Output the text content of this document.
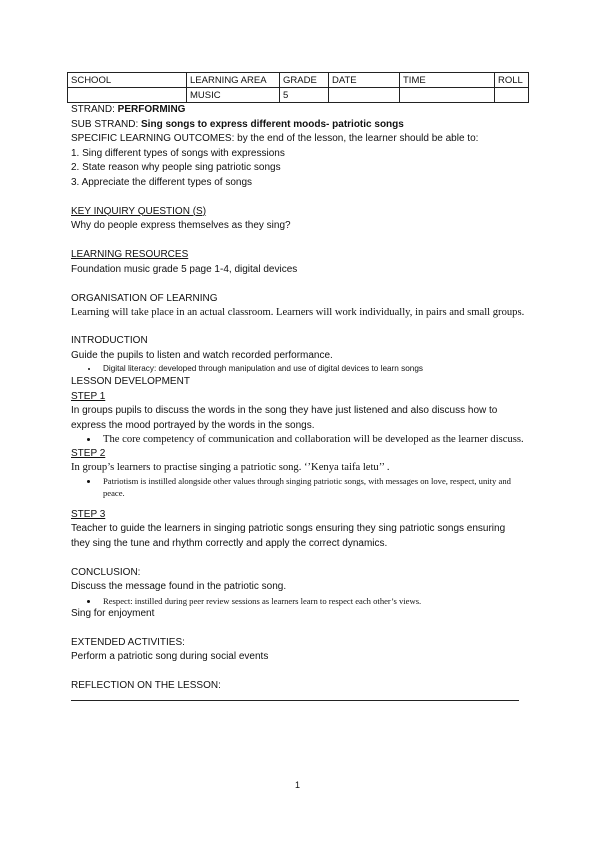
SCHOOL	LEARNING AREA	GRADE	DATE	TIME	ROLL
	MUSIC	5			
STRAND: PERFORMING
SUB STRAND: Sing songs to express different moods- patriotic songs
SPECIFIC LEARNING OUTCOMES: by the end of the lesson, the learner should be able to:
1. Sing different types of songs with expressions
2. State reason why people sing patriotic songs
3. Appreciate the different types of songs
KEY INQUIRY QUESTION (S)
Why do people express themselves as they sing?
LEARNING RESOURCES
Foundation music grade 5 page 1-4, digital devices
ORGANISATION OF LEARNING
Learning will take place in an actual classroom. Learners will work individually, in pairs and small groups.
INTRODUCTION
Guide the pupils to listen and watch recorded performance.
• Digital literacy: developed through manipulation and use of digital devices to learn songs
LESSON DEVELOPMENT
STEP 1
In groups pupils to discuss the words in the song they have just listened and also discuss how to express the mood portrayed by the words in the songs.
• The core competency of communication and collaboration will be developed as the learner discuss.
STEP 2
In group’s learners to practise singing a patriotic song. ‘’Kenya taifa letu’’ .
• Patriotism is instilled alongside other values through singing patriotic songs, with messages on love, respect, unity and peace.
STEP 3
Teacher to guide the learners in singing patriotic songs ensuring they sing patriotic songs ensuring they sing the tune and rhythm correctly and apply the correct dynamics.
CONCLUSION:
Discuss the message found in the patriotic song.
• Respect: instilled during peer review sessions as learners learn to respect each other’s views.
Sing for enjoyment
EXTENDED ACTIVITIES:
Perform a patriotic song during social events
REFLECTION ON THE LESSON:
1
